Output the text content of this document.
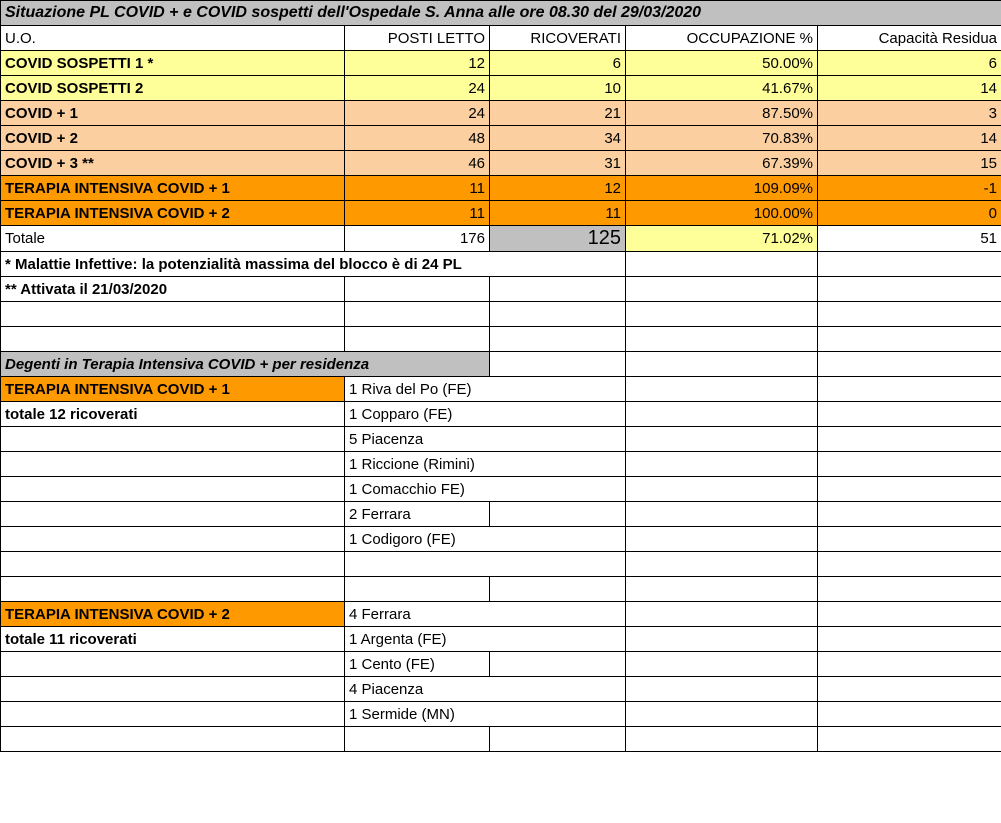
Situazione PL COVID + e COVID sospetti dell'Ospedale S. Anna alle ore 08.30 del 29/03/2020				
U.O.	POSTI LETTO	RICOVERATI	OCCUPAZIONE %	Capacità Residua
COVID SOSPETTI 1 *	12	6	50.00%	6
COVID SOSPETTI 2	24	10	41.67%	14
COVID + 1	24	21	87.50%	3
COVID + 2	48	34	70.83%	14
COVID + 3 **	46	31	67.39%	15
TERAPIA INTENSIVA COVID + 1	11	12	109.09%	-1
TERAPIA INTENSIVA COVID + 2	11	11	100.00%	0
Totale	176	125	71.02%	51
* Malattie Infettive: la potenzialità massima del blocco è di 24 PL				
** Attivata il 21/03/2020				

Degenti in Terapia Intensiva COVID + per residenza				
TERAPIA INTENSIVA COVID + 1	1 Riva del Po (FE)			
totale 12 ricoverati	1 Copparo (FE)			
	5 Piacenza			
	1 Riccione (Rimini)			
	1 Comacchio FE)			
	2 Ferrara			
	1 Codigoro (FE)			

TERAPIA INTENSIVA COVID + 2	4 Ferrara			
totale 11 ricoverati	1 Argenta (FE)			
	1 Cento (FE)			
	4 Piacenza			
	1 Sermide (MN)			
